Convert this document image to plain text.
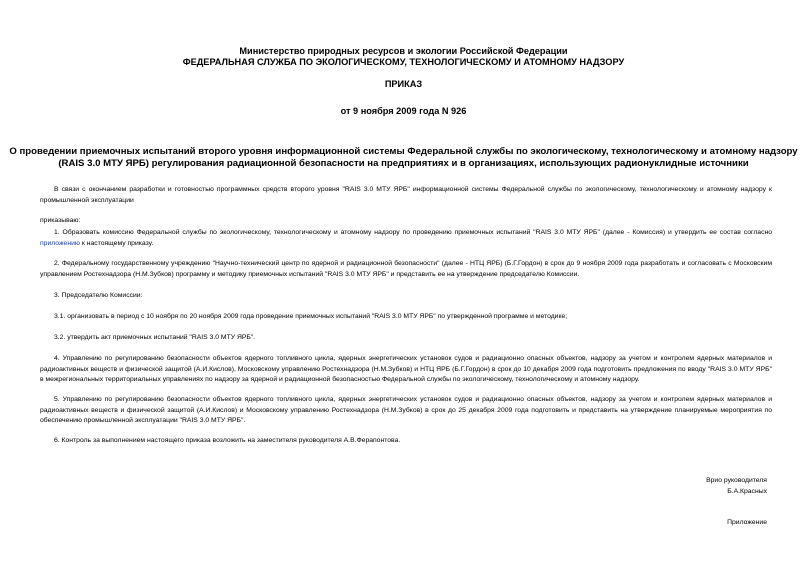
Министерство природных ресурсов и экологии Российской Федерации
ФЕДЕРАЛЬНАЯ СЛУЖБА ПО ЭКОЛОГИЧЕСКОМУ, ТЕХНОЛОГИЧЕСКОМУ И АТОМНОМУ НАДЗОРУ
ПРИКАЗ
от 9 ноября 2009 года N 926
О проведении приемочных испытаний второго уровня информационной системы Федеральной службы по экологическому, технологическому и атомному надзору
(RAIS 3.0 МТУ ЯРБ) регулирования радиационной безопасности на предприятиях и в организациях, использующих радионуклидные источники
В связи с окончанием разработки и готовностью программных средств второго уровня "RAIS 3.0 МТУ ЯРБ" информационной системы Федеральной службы по экологическому, технологическому и атомному надзору к промышленной эксплуатации
приказываю:
1. Образовать комиссию Федеральной службы по экологическому, технологическому и атомному надзору по проведению приемочных испытаний "RAIS 3.0 МТУ ЯРБ" (далее - Комиссия) и утвердить ее состав согласно приложению к настоящему приказу.
2. Федеральному государственному учреждению "Научно-технический центр по ядерной и радиационной безопасности" (далее - НТЦ ЯРБ) (Б.Г.Гордон) в срок до 9 ноября 2009 года разработать и согласовать с Московским управлением Ростехнадзора (Н.М.Зубков) программу и методику приемочных испытаний "RAIS 3.0 МТУ ЯРБ" и представить ее на утверждение председателю Комиссии.
3. Председателю Комиссии:
3.1. организовать в период с 10 ноября по 20 ноября 2009 года проведение приемочных испытаний "RAIS 3.0 МТУ ЯРБ" по утвержденной программе и методике;
3.2. утвердить акт приемочных испытаний "RAIS 3.0 МТУ ЯРБ".
4. Управлению по регулированию безопасности объектов ядерного топливного цикла, ядерных энергетических установок судов и радиационно опасных объектов, надзору за учетом и контролем ядерных материалов и радиоактивных веществ и физической защитой (А.И.Кислов), Московскому управлению Ростехнадзора (Н.М.Зубков) и НТЦ ЯРБ (Б.Г.Гордон) в срок до 10 декабря 2009 года подготовить предложения по вводу "RAIS 3.0 МТУ ЯРБ" в межрегиональных территориальных управлениях по надзору за ядерной и радиационной безопасностью Федеральной службы по экологическому, технологическому и атомному надзору.
5. Управлению по регулированию безопасности объектов ядерного топливного цикла, ядерных энергетических установок судов и радиационно опасных объектов, надзору за учетом и контролем ядерных материалов и радиоактивных веществ и физической защитой (А.И.Кислов) и Московскому управлению Ростехнадзора (Н.М.Зубков) в срок до 25 декабря 2009 года подготовить и представить на утверждение планируемые мероприятия по обеспечению промышленной эксплуатации "RAIS 3.0 МТУ ЯРБ".
6. Контроль за выполнением настоящего приказа возложить на заместителя руководителя А.В.Ферапонтова.
Врио руководителя
Б.А.Красных
Приложение
